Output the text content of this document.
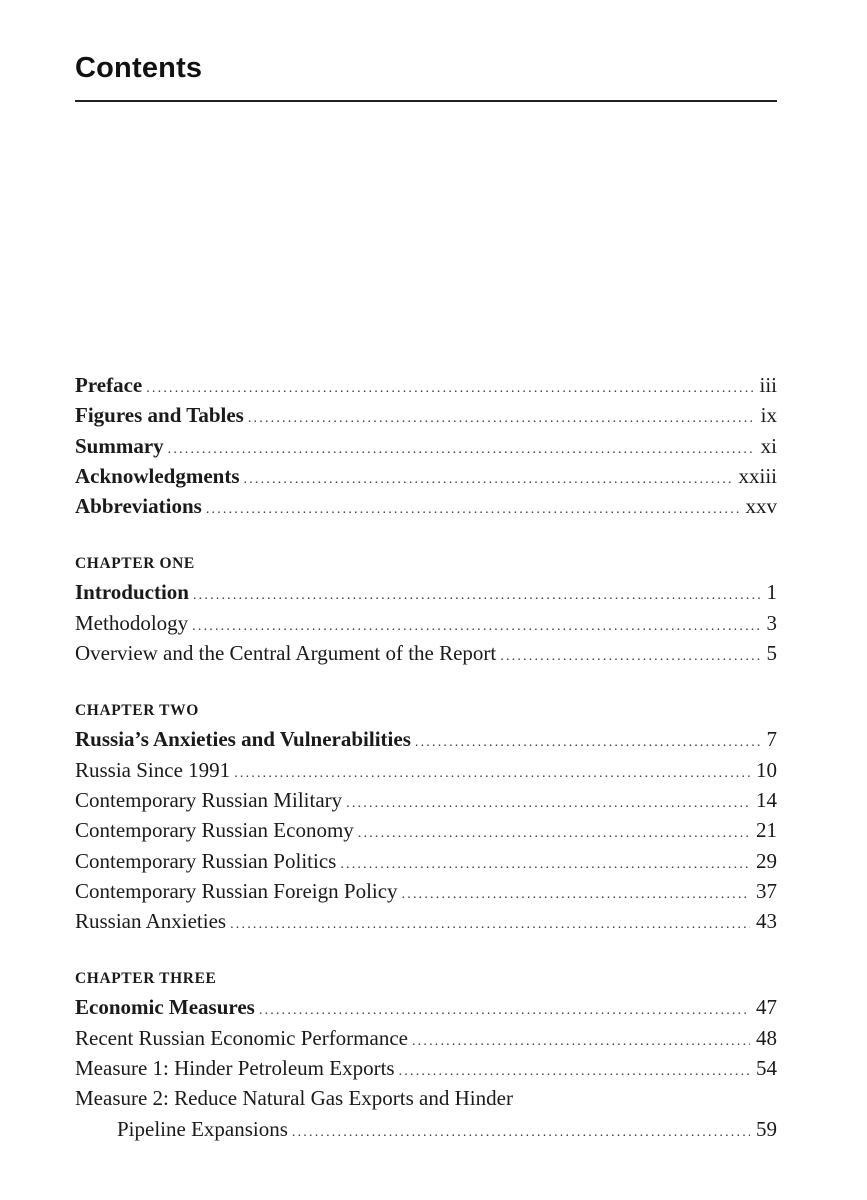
Contents
Preface .....	iii
Figures and Tables .....	ix
Summary .....	xi
Acknowledgments .....	xxiii
Abbreviations .....	xxv
CHAPTER ONE
Introduction .....	1
Methodology .....	3
Overview and the Central Argument of the Report .....	5
CHAPTER TWO
Russia’s Anxieties and Vulnerabilities .....	7
Russia Since 1991 .....	10
Contemporary Russian Military .....	14
Contemporary Russian Economy .....	21
Contemporary Russian Politics .....	29
Contemporary Russian Foreign Policy .....	37
Russian Anxieties .....	43
CHAPTER THREE
Economic Measures .....	47
Recent Russian Economic Performance .....	48
Measure 1: Hinder Petroleum Exports .....	54
Measure 2: Reduce Natural Gas Exports and Hinder
Pipeline Expansions .....	59
